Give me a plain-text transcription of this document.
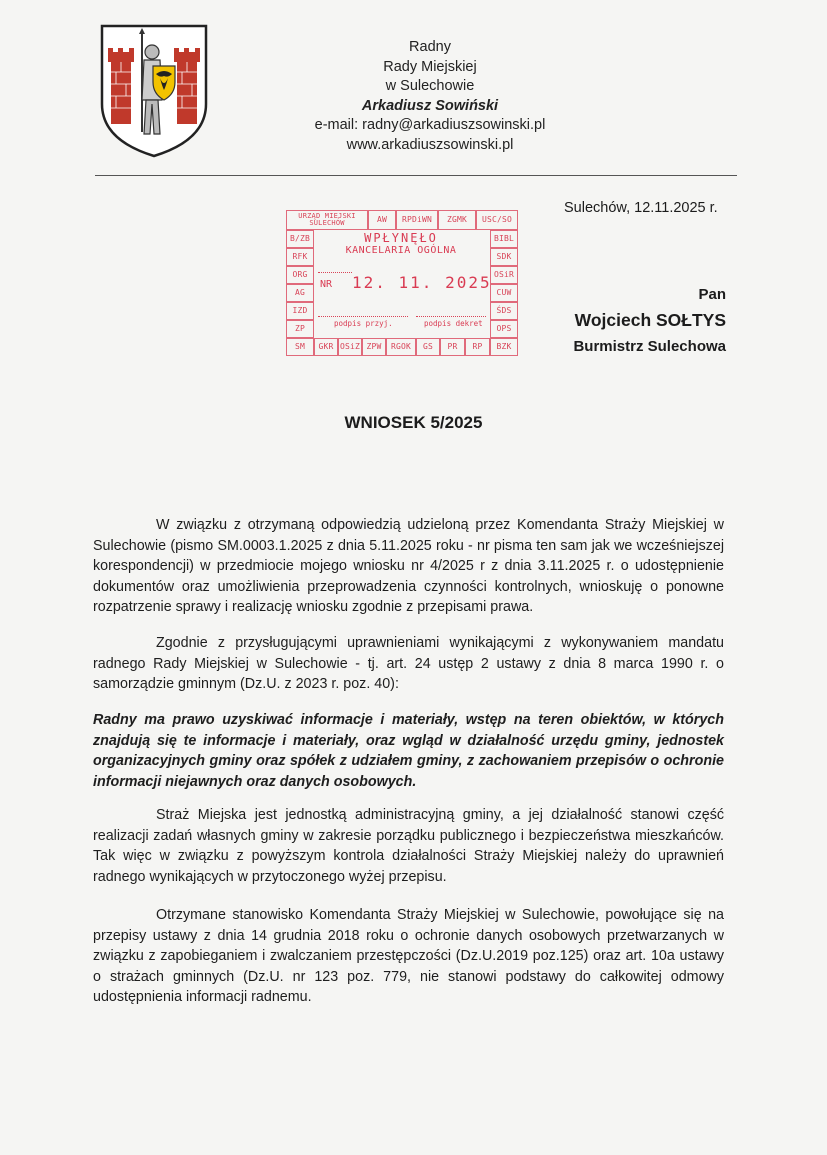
Radny
Rady Miejskiej
w Sulechowie
Arkadiusz Sowiński
e-mail: radny@arkadiuszsowinski.pl
www.arkadiuszsowinski.pl
Sulechów, 12.11.2025 r.
URZĄD MIEJSKI SULECHÓW	AW	RPDiWN	ZGMK	USC/SO
B/ZB
RFK
ORG
AG
IZD
ZP
SM
BIBL
SDK
OSiR
CUW
ŚDS
OPS
BZK
GKR OSiZ ZPW	RGOK	GS	PR	RP
WPŁYNĘŁO
KANCELARIA OGÓLNA
NR 12. 11. 2025
podpis przyj.	podpis dekret
Pan
Wojciech SOŁTYS
Burmistrz Sulechowa
WNIOSEK 5/2025
W związku z otrzymaną odpowiedzią udzieloną przez Komendanta Straży Miejskiej w Sulechowie (pismo SM.0003.1.2025 z dnia 5.11.2025 roku - nr pisma ten sam jak we wcześniejszej korespondencji) w przedmiocie mojego wniosku nr 4/2025 r z dnia 3.11.2025 r. o udostępnienie dokumentów oraz umożliwienia przeprowadzenia czynności kontrolnych, wnioskuję o ponowne rozpatrzenie sprawy i realizację wniosku zgodnie z przepisami prawa.
Zgodnie z przysługującymi uprawnieniami wynikającymi z wykonywaniem mandatu radnego Rady Miejskiej w Sulechowie - tj. art. 24 ustęp 2 ustawy z dnia 8 marca 1990 r. o samorządzie gminnym (Dz.U. z 2023 r. poz. 40):
Radny ma prawo uzyskiwać informacje i materiały, wstęp na teren obiektów, w których znajdują się te informacje i materiały, oraz wgląd w działalność urzędu gminy, jednostek organizacyjnych gminy oraz spółek z udziałem gminy, z zachowaniem przepisów o ochronie informacji niejawnych oraz danych osobowych.
Straż Miejska jest jednostką administracyjną gminy, a jej działalność stanowi część realizacji zadań własnych gminy w zakresie porządku publicznego i bezpieczeństwa mieszkańców. Tak więc w związku z powyższym kontrola działalności Straży Miejskiej należy do uprawnień radnego wynikających w przytoczonego wyżej przepisu.
Otrzymane stanowisko Komendanta Straży Miejskiej w Sulechowie, powołujące się na przepisy ustawy z dnia 14 grudnia 2018 roku o ochronie danych osobowych przetwarzanych w związku z zapobieganiem i zwalczaniem przestępczości (Dz.U.2019 poz.125) oraz art. 10a ustawy o strażach gminnych (Dz.U. nr 123 poz. 779, nie stanowi podstawy do całkowitej odmowy udostępnienia informacji radnemu.
